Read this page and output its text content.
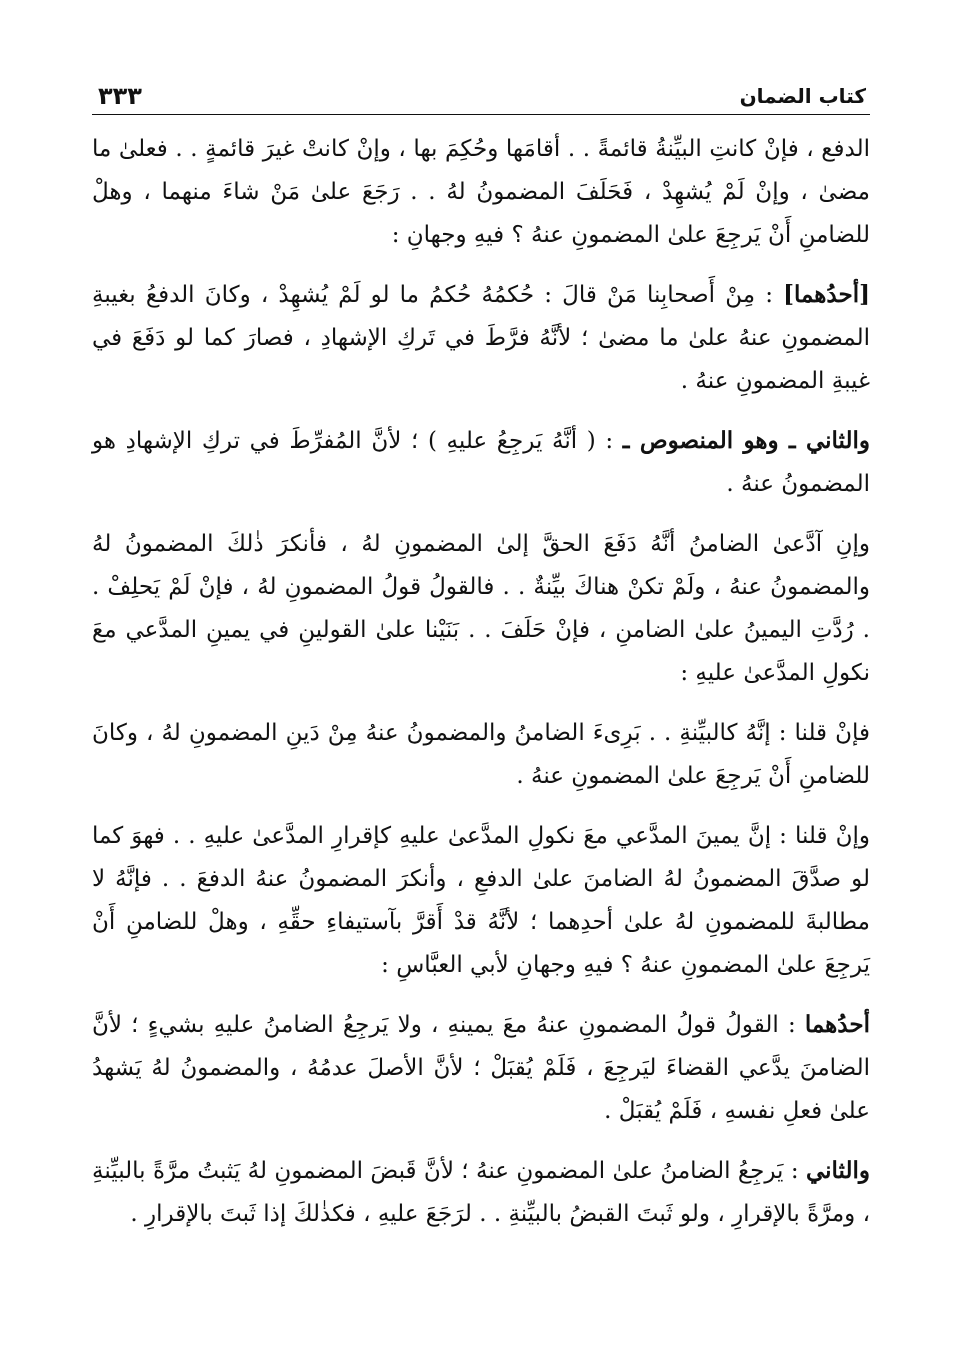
٣٣٣	كتاب الضمان

الدفع ، فإنْ كانتِ البيِّنةُ قائمةً . . أقامَها وحُكِمَ بها ، وإنْ كانتْ غيرَ قائمةٍ . . فعلىٰ ما مضىٰ ، وإنْ لَمْ يُشهِدْ ، فَحَلَفَ المضمونُ لهُ . . رَجَعَ علىٰ مَنْ شاءَ منهما ، وهلْ للضامنِ أَنْ يَرجِعَ علىٰ المضمونِ عنهُ ؟ فيهِ وجهانِ :

[أحدُهما] : مِنْ أَصحابِنا مَنْ قالَ : حُكمُهُ حُكمُ ما لو لَمْ يُشهِدْ ، وكانَ الدفعُ بغيبةِ المضمونِ عنهُ علىٰ ما مضىٰ ؛ لأنَّهُ فرَّطَ في تَركِ الإشهادِ ، فصارَ كما لو دَفَعَ في غيبةِ المضمونِ عنهُ .

والثاني ـ وهو المنصوص ـ : ( أنَّهُ يَرجِعُ عليهِ ) ؛ لأنَّ المُفرِّطَ في تركِ الإشهادِ هو المضمونُ عنهُ .

وإنِ آدَّعىٰ الضامنُ أنَّهُ دَفَعَ الحقَّ إلىٰ المضمونِ لهُ ، فأنكرَ ذٰلكَ المضمونُ لهُ والمضمونُ عنهُ ، ولَمْ تكنْ هناكَ بيِّنةٌ . . فالقولُ قولُ المضمونِ لهُ ، فإنْ لَمْ يَحلِفْ . . رُدَّتِ اليمينُ علىٰ الضامنِ ، فإنْ حَلَفَ . . بَنَيْنا علىٰ القولينِ في يمينِ المدَّعي معَ نكولِ المدَّعىٰ عليهِ :

فإنْ قلنا : إنَّهُ كالبيِّنةِ . . بَرِىءَ الضامنُ والمضمونُ عنهُ مِنْ دَينِ المضمونِ لهُ ، وكانَ للضامنِ أَنْ يَرجِعَ علىٰ المضمونِ عنهُ .

وإنْ قلنا : إنَّ يمينَ المدَّعي معَ نكولِ المدَّعىٰ عليهِ كإقرارِ المدَّعىٰ عليهِ . . فهوَ كما لو صدَّقَ المضمونُ لهُ الضامنَ علىٰ الدفعِ ، وأنكرَ المضمونُ عنهُ الدفعَ . . فإنَّهُ لا مطالبةَ للمضمونِ لهُ علىٰ أحدِهما ؛ لأنَّهُ قدْ أَقرَّ بآستيفاءِ حقِّهِ ، وهلْ للضامنِ أَنْ يَرجِعَ علىٰ المضمونِ عنهُ ؟ فيهِ وجهانِ لأبي العبَّاسِ :

أحدُهما : القولُ قولُ المضمونِ عنهُ معَ يمينهِ ، ولا يَرجِعُ الضامنُ عليهِ بشيءٍ ؛ لأنَّ الضامنَ يدَّعي القضاءَ ليَرجِعَ ، فَلَمْ يُقبَلْ ؛ لأنَّ الأصلَ عدمُهُ ، والمضمونُ لهُ يَشهدُ علىٰ فعلِ نفسهِ ، فَلَمْ يُقبَلْ .

والثاني : يَرجِعُ الضامنُ علىٰ المضمونِ عنهُ ؛ لأنَّ قَبضَ المضمونِ لهُ يَثبتُ مرَّةً بالبيِّنةِ ، ومرَّةً بالإقرارِ ، ولو ثَبتَ القبضُ بالبيِّنةِ . . لرَجَعَ عليهِ ، فكذٰلكَ إذا ثَبتَ بالإقرارِ .
